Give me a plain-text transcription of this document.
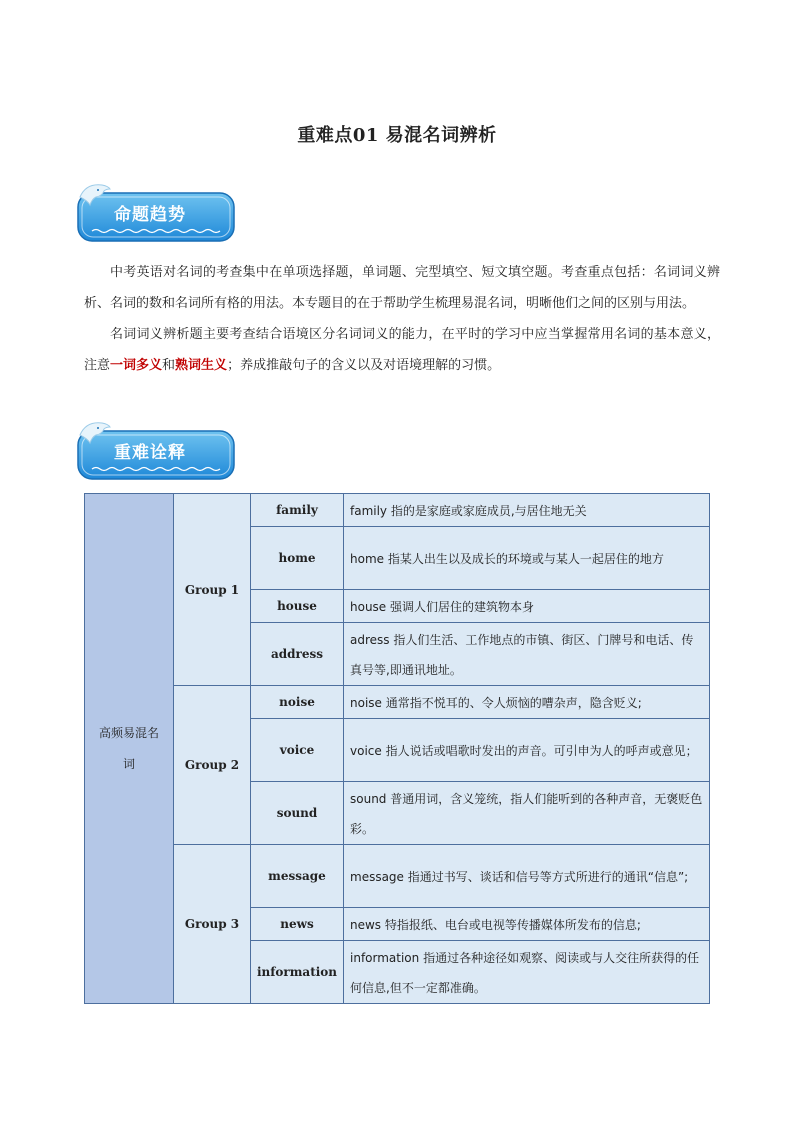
重难点01 易混名词辨析
命题趋势

中考英语对名词的考查集中在单项选择题，单词题、完型填空、短文填空题。考查重点包括：名词词义辨析、名词的数和名词所有格的用法。本专题目的在于帮助学生梳理易混名词，明晰他们之间的区别与用法。

名词词义辨析题主要考查结合语境区分名词词义的能力，在平时的学习中应当掌握常用名词的基本意义，注意一词多义和熟词生义；养成推敲句子的含义以及对语境理解的习惯。

重难诠释
高频易混名词	Group 1	family	family 指的是家庭或家庭成员,与居住地无关
		home	home 指某人出生以及成长的环境或与某人一起居住的地方
		house	house 强调人们居住的建筑物本身
		address	adress 指人们生活、工作地点的市镇、街区、门牌号和电话、传真号等,即通讯地址。
	Group 2	noise	noise 通常指不悦耳的、令人烦恼的嘈杂声，隐含贬义;
		voice	voice 指人说话或唱歌时发出的声音。可引申为人的呼声或意见；
		sound	sound 普通用词，含义笼统，指人们能听到的各种声音，无褒贬色彩。
	Group 3	message	message 指通过书写、谈话和信号等方式所进行的通讯“信息”;
		news	news 特指报纸、电台或电视等传播媒体所发布的信息;
		information	information 指通过各种途径如观察、阅读或与人交往所获得的任何信息,但不一定都准确。
